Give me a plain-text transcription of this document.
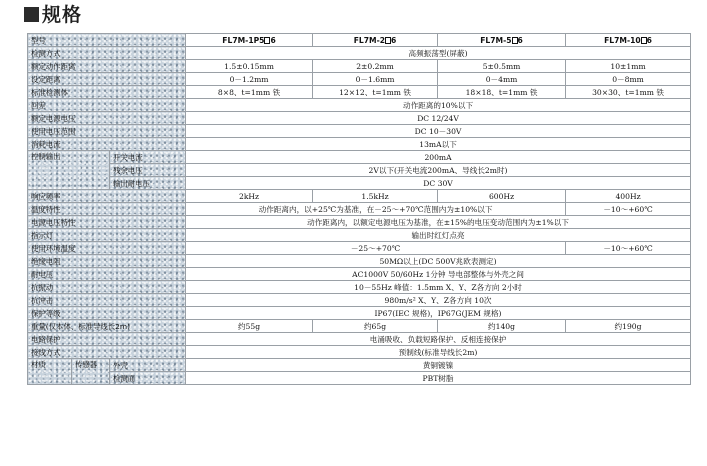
规格
型号			FL7M-1P5 6	FL7M-2 6	FL7M-5 6	FL7M-10 6
检测方式			高频振荡型(屏蔽)			
额定动作距离			1.5±0.15mm	2±0.2mm	5±0.5mm	10±1mm
设定距离			0－1.2mm	0－1.6mm	0－4mm	0－8mm
标准检测体			8×8、t=1mm 铁	12×12、t=1mm 铁	18×18、t=1mm 铁	30×30、t=1mm 铁
回差			动作距离的10%以下			
额定电源电压			DC 12/24V			
使用电压范围			DC 10－30V			
消耗电流			13mA以下			
控制输出		开关电流	200mA			
		残余电压	2V以下(开关电流200mA、导线长2m时)			
		输出耐电压	DC 30V			
响应频率			2kHz	1.5kHz	600Hz	400Hz
温度特性			动作距离内，以+25℃为基准，在－25～+70℃范围内为±10%以下			－10～+60℃
电源电压特性			动作距离内，以额定电源电压为基准，在±15%的电压变动范围内为±1%以下			
指示灯			输出时红灯点亮			
使用环境温度			－25～+70℃			－10～+60℃
绝缘电阻			50MΩ以上(DC 500V兆欧表测定)			
耐电压			AC1000V 50/60Hz 1分钟 导电部整体与外壳之间			
抗振动			10－55Hz 峰值：1.5mm X、Y、Z各方向 2小时			
抗冲击			980m/s² X、Y、Z各方向 10次			
保护等级			IP67(IEC 规格)，IP67G(JEM 规格)			
重量(仅本体、标准导线长2m)			约55g	约65g	约140g	约190g
电路保护			电涌吸收、负载短路保护、反相连接保护			
接线方式			预制线(标准导线长2m)			
材质	传感器	外壳	黄铜镀镍			
		检测面	PBT树脂			
